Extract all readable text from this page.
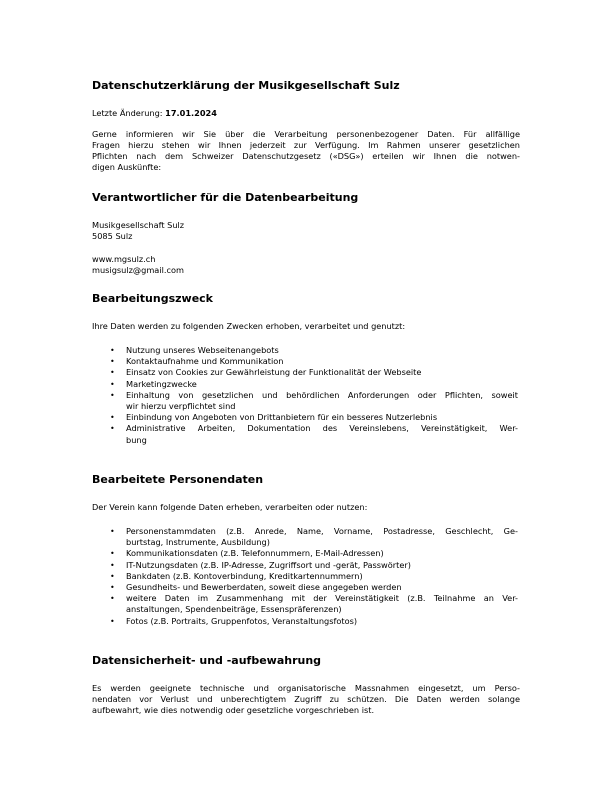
Datenschutzerklärung der Musikgesellschaft Sulz
Letzte Änderung: 17.01.2024
Gerne informieren wir Sie über die Verarbeitung personenbezogener Daten. Für allfällige
Fragen hierzu stehen wir Ihnen jederzeit zur Verfügung. Im Rahmen unserer gesetzlichen
Pflichten nach dem Schweizer Datenschutzgesetz («DSG») erteilen wir Ihnen die notwen-
digen Auskünfte:
Verantwortlicher für die Datenbearbeitung
Musikgesellschaft Sulz
5085 Sulz
www.mgsulz.ch
musigsulz@gmail.com
Bearbeitungszweck
Ihre Daten werden zu folgenden Zwecken erhoben, verarbeitet und genutzt:
• Nutzung unseres Webseitenangebots
• Kontaktaufnahme und Kommunikation
• Einsatz von Cookies zur Gewährleistung der Funktionalität der Webseite
• Marketingzwecke
• Einhaltung von gesetzlichen und behördlichen Anforderungen oder Pflichten, soweit
wir hierzu verpflichtet sind
• Einbindung von Angeboten von Drittanbietern für ein besseres Nutzerlebnis
• Administrative Arbeiten, Dokumentation des Vereinslebens, Vereinstätigkeit, Wer-
bung
Bearbeitete Personendaten
Der Verein kann folgende Daten erheben, verarbeiten oder nutzen:
• Personenstammdaten (z.B. Anrede, Name, Vorname, Postadresse, Geschlecht, Ge-
burtstag, Instrumente, Ausbildung)
• Kommunikationsdaten (z.B. Telefonnummern, E-Mail-Adressen)
• IT-Nutzungsdaten (z.B. IP-Adresse, Zugriffsort und -gerät, Passwörter)
• Bankdaten (z.B. Kontoverbindung, Kreditkartennummern)
• Gesundheits- und Bewerberdaten, soweit diese angegeben werden
• weitere Daten im Zusammenhang mit der Vereinstätigkeit (z.B. Teilnahme an Ver-
anstaltungen, Spendenbeiträge, Essenspräferenzen)
• Fotos (z.B. Portraits, Gruppenfotos, Veranstaltungsfotos)
Datensicherheit- und -aufbewahrung
Es werden geeignete technische und organisatorische Massnahmen eingesetzt, um Perso-
nendaten vor Verlust und unberechtigtem Zugriff zu schützen. Die Daten werden solange
aufbewahrt, wie dies notwendig oder gesetzliche vorgeschrieben ist.
